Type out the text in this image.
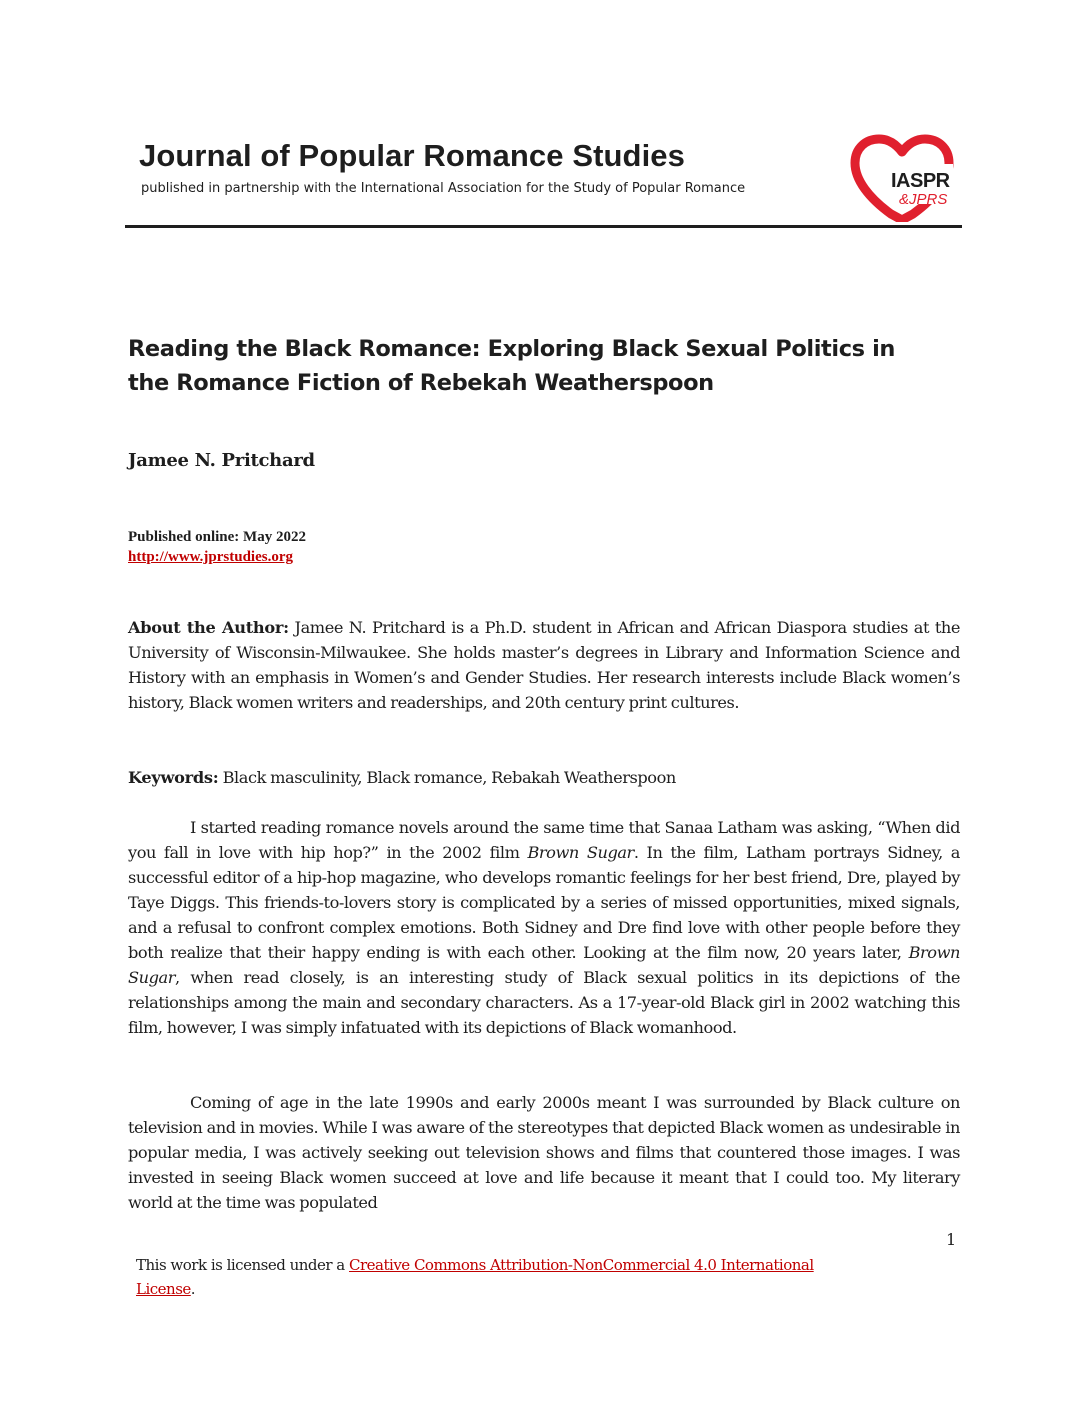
Journal of Popular Romance Studies
published in partnership with the International Association for the Study of Popular Romance	IASPR
&JPRS
Reading the Black Romance: Exploring Black Sexual Politics in the Romance Fiction of Rebekah Weatherspoon
Jamee N. Pritchard
Published online: May 2022
http://www.jprstudies.org

About the Author: Jamee N. Pritchard is a Ph.D. student in African and African Diaspora studies at the University of Wisconsin-Milwaukee. She holds master’s degrees in Library and Information Science and History with an emphasis in Women’s and Gender Studies. Her research interests include Black women’s history, Black women writers and readerships, and 20th century print cultures.

Keywords: Black masculinity, Black romance, Rebakah Weatherspoon

I started reading romance novels around the same time that Sanaa Latham was asking, “When did you fall in love with hip hop?” in the 2002 film Brown Sugar. In the film, Latham portrays Sidney, a successful editor of a hip-hop magazine, who develops romantic feelings for her best friend, Dre, played by Taye Diggs. This friends-to-lovers story is complicated by a series of missed opportunities, mixed signals, and a refusal to confront complex emotions. Both Sidney and Dre find love with other people before they both realize that their happy ending is with each other. Looking at the film now, 20 years later, Brown Sugar, when read closely, is an interesting study of Black sexual politics in its depictions of the relationships among the main and secondary characters. As a 17-year-old Black girl in 2002 watching this film, however, I was simply infatuated with its depictions of Black womanhood.

Coming of age in the late 1990s and early 2000s meant I was surrounded by Black culture on television and in movies. While I was aware of the stereotypes that depicted Black women as undesirable in popular media, I was actively seeking out television shows and films that countered those images. I was invested in seeing Black women succeed at love and life because it meant that I could too. My literary world at the time was populated

1
This work is licensed under a Creative Commons Attribution-NonCommercial 4.0 International License.
